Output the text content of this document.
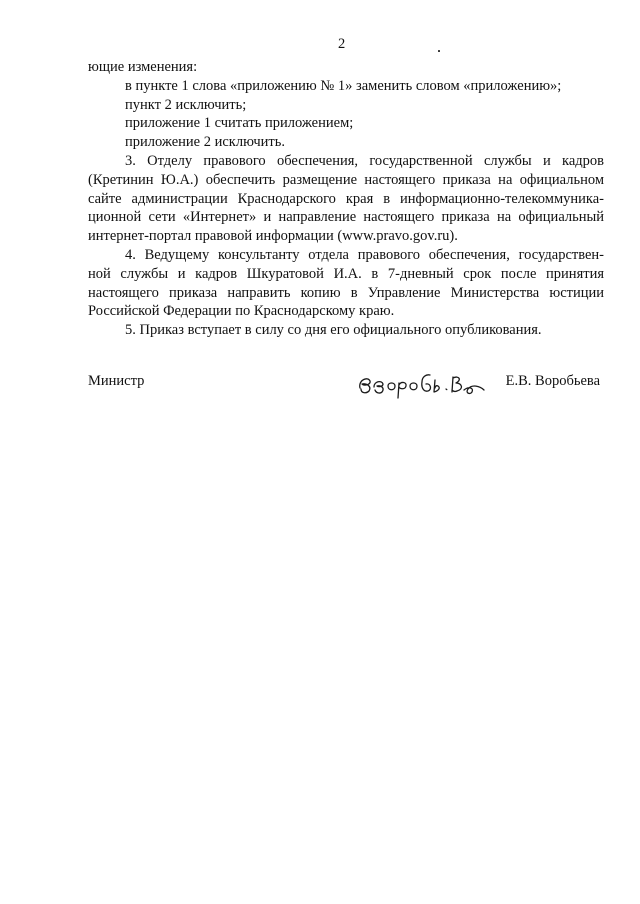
2
ющие изменения:
в пункте 1 слова «приложению № 1» заменить словом «приложению»;
пункт 2 исключить;
приложение 1 считать приложением;
приложение 2 исключить.
3. Отделу правового обеспечения, государственной службы и кадров
(Кретинин Ю.А.) обеспечить размещение настоящего приказа на официальном
сайте администрации Краснодарского края в информационно-телекоммуника-
ционной сети «Интернет» и направление настоящего приказа на официальный
интернет-портал правовой информации (www.pravo.gov.ru).
4. Ведущему консультанту отдела правового обеспечения, государствен-
ной службы и кадров Шкуратовой И.А. в 7-дневный срок после принятия
настоящего приказа направить копию в Управление Министерства юстиции
Российской Федерации по Краснодарскому краю.
5. Приказ вступает в силу со дня его официального опубликования.
Министр	Е.В. Воробьева
